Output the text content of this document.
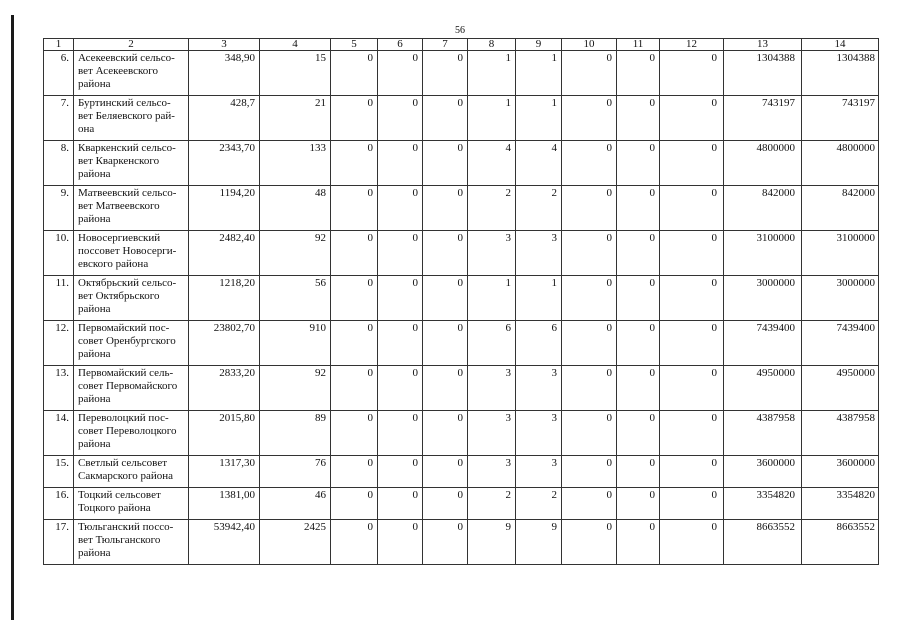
56
1	2	3	4	5	6	7	8	9	10	11	12	13	14
6.	Асекеевский сельсо-вет Асекеевского района	348,90	15	0	0	0	1	1	0	0	0	1304388	1304388
7.	Буртинский сельсо-вет Беляевского рай-она	428,7	21	0	0	0	1	1	0	0	0	743197	743197
8.	Кваркенский сельсо-вет Кваркенского района	2343,70	133	0	0	0	4	4	0	0	0	4800000	4800000
9.	Матвеевский сельсо-вет Матвеевского района	1194,20	48	0	0	0	2	2	0	0	0	842000	842000
10.	Новосергиевский поссовет Новосерги-евского района	2482,40	92	0	0	0	3	3	0	0	0	3100000	3100000
11.	Октябрьский сельсо-вет Октябрьского района	1218,20	56	0	0	0	1	1	0	0	0	3000000	3000000
12.	Первомайский пос-совет Оренбургского района	23802,70	910	0	0	0	6	6	0	0	0	7439400	7439400
13.	Первомайский сель-совет Первомайского района	2833,20	92	0	0	0	3	3	0	0	0	4950000	4950000
14.	Переволоцкий пос-совет Переволоцкого района	2015,80	89	0	0	0	3	3	0	0	0	4387958	4387958
15.	Светлый сельсовет Сакмарского района	1317,30	76	0	0	0	3	3	0	0	0	3600000	3600000
16.	Тоцкий сельсовет Тоцкого района	1381,00	46	0	0	0	2	2	0	0	0	3354820	3354820
17.	Тюльганский поссо-вет Тюльганского района	53942,40	2425	0	0	0	9	9	0	0	0	8663552	8663552
